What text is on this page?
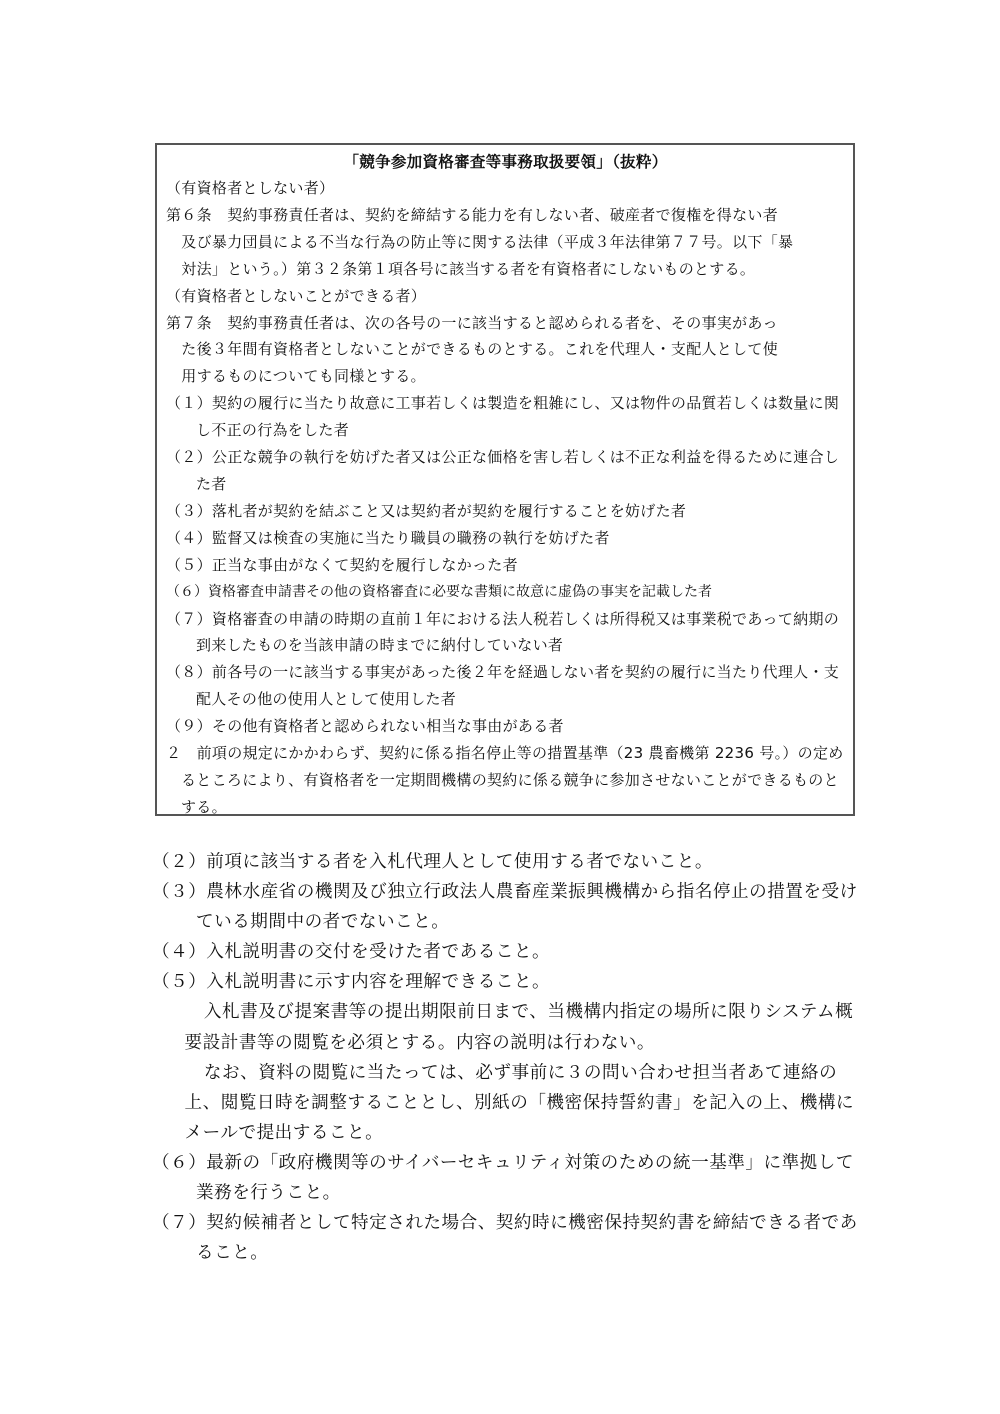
「競争参加資格審査等事務取扱要領」（抜粋）

（有資格者としない者）

第６条　契約事務責任者は、契約を締結する能力を有しない者、破産者で復権を得ない者

　及び暴力団員による不当な行為の防止等に関する法律（平成３年法律第７７号。以下「暴

　対法」という。）第３２条第１項各号に該当する者を有資格者にしないものとする。

（有資格者としないことができる者）

第７条　契約事務責任者は、次の各号の一に該当すると認められる者を、その事実があっ

　た後３年間有資格者としないことができるものとする。これを代理人・支配人として使

　用するものについても同様とする。

（１）契約の履行に当たり故意に工事若しくは製造を粗雑にし、又は物件の品質若しくは数量に関し不正の行為をした者

（２）公正な競争の執行を妨げた者又は公正な価格を害し若しくは不正な利益を得るために連合した者

（３）落札者が契約を結ぶこと又は契約者が契約を履行することを妨げた者

（４）監督又は検査の実施に当たり職員の職務の執行を妨げた者

（５）正当な事由がなくて契約を履行しなかった者

（６）資格審査申請書その他の資格審査に必要な書類に故意に虚偽の事実を記載した者

（７）資格審査の申請の時期の直前１年における法人税若しくは所得税又は事業税であって納期の到来したものを当該申請の時までに納付していない者

（８）前各号の一に該当する事実があった後２年を経過しない者を契約の履行に当たり代理人・支配人その他の使用人として使用した者

（９）その他有資格者と認められない相当な事由がある者

２　前項の規定にかかわらず、契約に係る指名停止等の措置基準（23 農畜機第 2236 号。）の定めるところにより、有資格者を一定期間機構の契約に係る競争に参加させないことができるものとする。

（２）前項に該当する者を入札代理人として使用する者でないこと。

（３）農林水産省の機関及び独立行政法人農畜産業振興機構から指名停止の措置を受けている期間中の者でないこと。

（４）入札説明書の交付を受けた者であること。

（５）入札説明書に示す内容を理解できること。

入札書及び提案書等の提出期限前日まで、当機構内指定の場所に限りシステム概要設計書等の閲覧を必須とする。内容の説明は行わない。

なお、資料の閲覧に当たっては、必ず事前に３の問い合わせ担当者あて連絡の上、閲覧日時を調整することとし、別紙の「機密保持誓約書」を記入の上、機構にメールで提出すること。

（６）最新の「政府機関等のサイバーセキュリティ対策のための統一基準」に準拠して業務を行うこと。

（７）契約候補者として特定された場合、契約時に機密保持契約書を締結できる者であること。
